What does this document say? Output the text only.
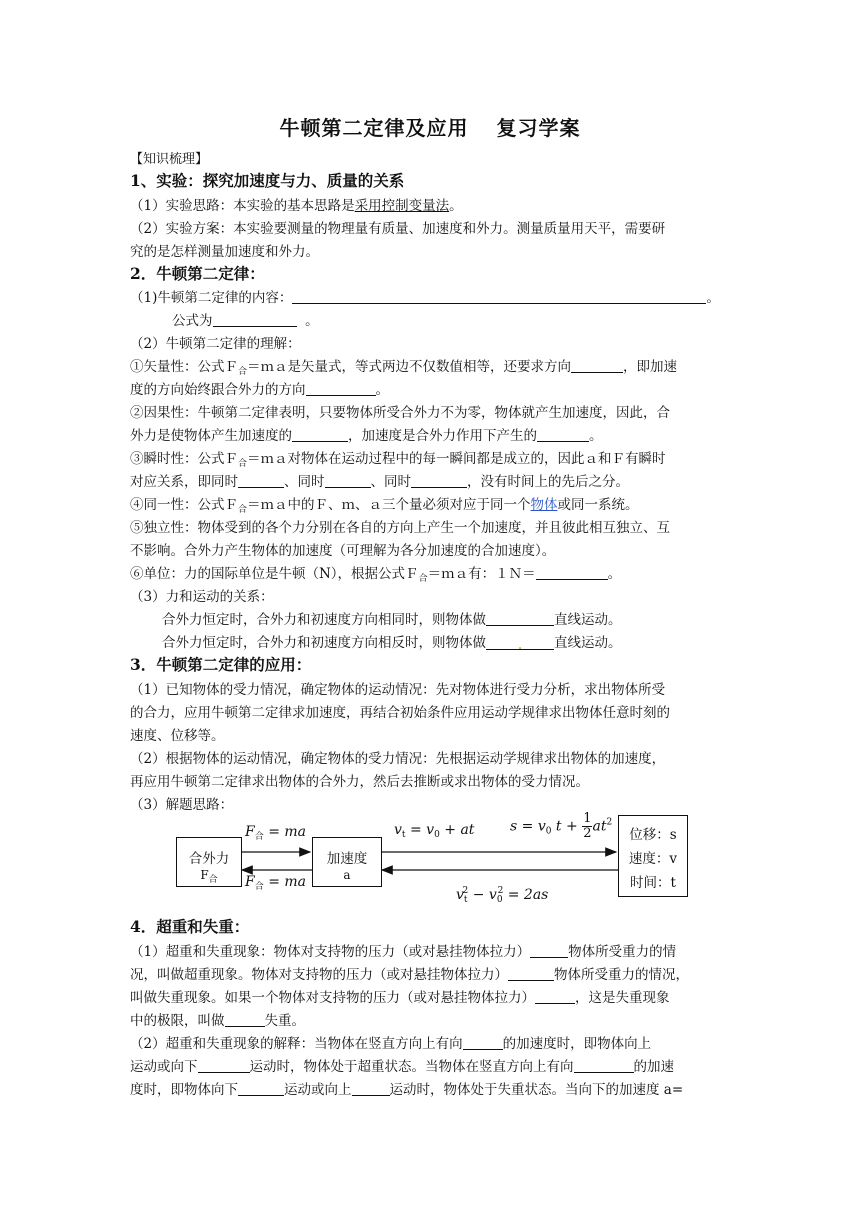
牛顿第二定律及应用 复习学案
【知识梳理】
1、实验：探究加速度与力、质量的关系
（1）实验思路：本实验的基本思路是采用控制变量法。
（2）实验方案：本实验要测量的物理量有质量、加速度和外力。测量质量用天平，需要研
究的是怎样测量加速度和外力。
2．牛顿第二定律：
（1)牛顿第二定律的内容：	。
公式为	。
（2）牛顿第二定律的理解：
①矢量性：公式Ｆ$_合$＝ｍａ是矢量式，等式两边不仅数值相等，还要求方向	，即加速
度的方向始终跟合外力的方向	。
②因果性：牛顿第二定律表明，只要物体所受合外力不为零，物体就产生加速度，因此，合
外力是使物体产生加速度的	，加速度是合外力作用下产生的	。
③瞬时性：公式Ｆ$_合$＝ｍａ对物体在运动过程中的每一瞬间都是成立的，因此ａ和Ｆ有瞬时
对应关系，即同时	、同时	、同时	，没有时间上的先后之分。
④同一性：公式Ｆ$_合$＝ｍａ中的Ｆ、ｍ、ａ三个量必须对应于同一个物体或同一系统。
⑤独立性：物体受到的各个力分别在各自的方向上产生一个加速度，并且彼此相互独立、互
不影响。合外力产生物体的加速度（可理解为各分加速度的合加速度）。
⑥单位：力的国际单位是牛顿（N），根据公式Ｆ$_合$＝ｍａ有：１Ｎ＝	。
（3）力和运动的关系：
合外力恒定时，合外力和初速度方向相同时，则物体做	直线运动。
合外力恒定时，合外力和初速度方向相反时，则物体做 . 直线运动。
3．牛顿第二定律的应用：
（1）已知物体的受力情况，确定物体的运动情况：先对物体进行受力分析，求出物体所受
的合力，应用牛顿第二定律求加速度，再结合初始条件应用运动学规律求出物体任意时刻的
速度、位移等。
（2）根据物体的运动情况，确定物体的受力情况：先根据运动学规律求出物体的加速度，
再应用牛顿第二定律求出物体的合外力，然后去推断或求出物体的受力情况。
（3）解题思路：
合外力
$F_合$
加速度
a
位移：s
速度：v
时间：t
$F_合$ = ma
$F_合$ = ma
$v_t = v_0$ + at	$s = v_0$ $t + \frac{1}{2} at^2$
$v_t^2 - v_0^2 = 2as$
4．超重和失重：
（1）超重和失重现象：物体对支持物的压力（或对悬挂物体拉力）	物体所受重力的情
况，叫做超重现象。物体对支持物的压力（或对悬挂物体拉力）	物体所受重力的情况，
叫做失重现象。如果一个物体对支持物的压力（或对悬挂物体拉力）	，这是失重现象
中的极限，叫做	失重。
（2）超重和失重现象的解释：当物体在竖直方向上有向	的加速度时，即物体向上
运动或向下	运动时，物体处于超重状态。当物体在竖直方向上有向	的加速
度时，即物体向下	运动或向上	运动时，物体处于失重状态。当向下的加速度 a=
